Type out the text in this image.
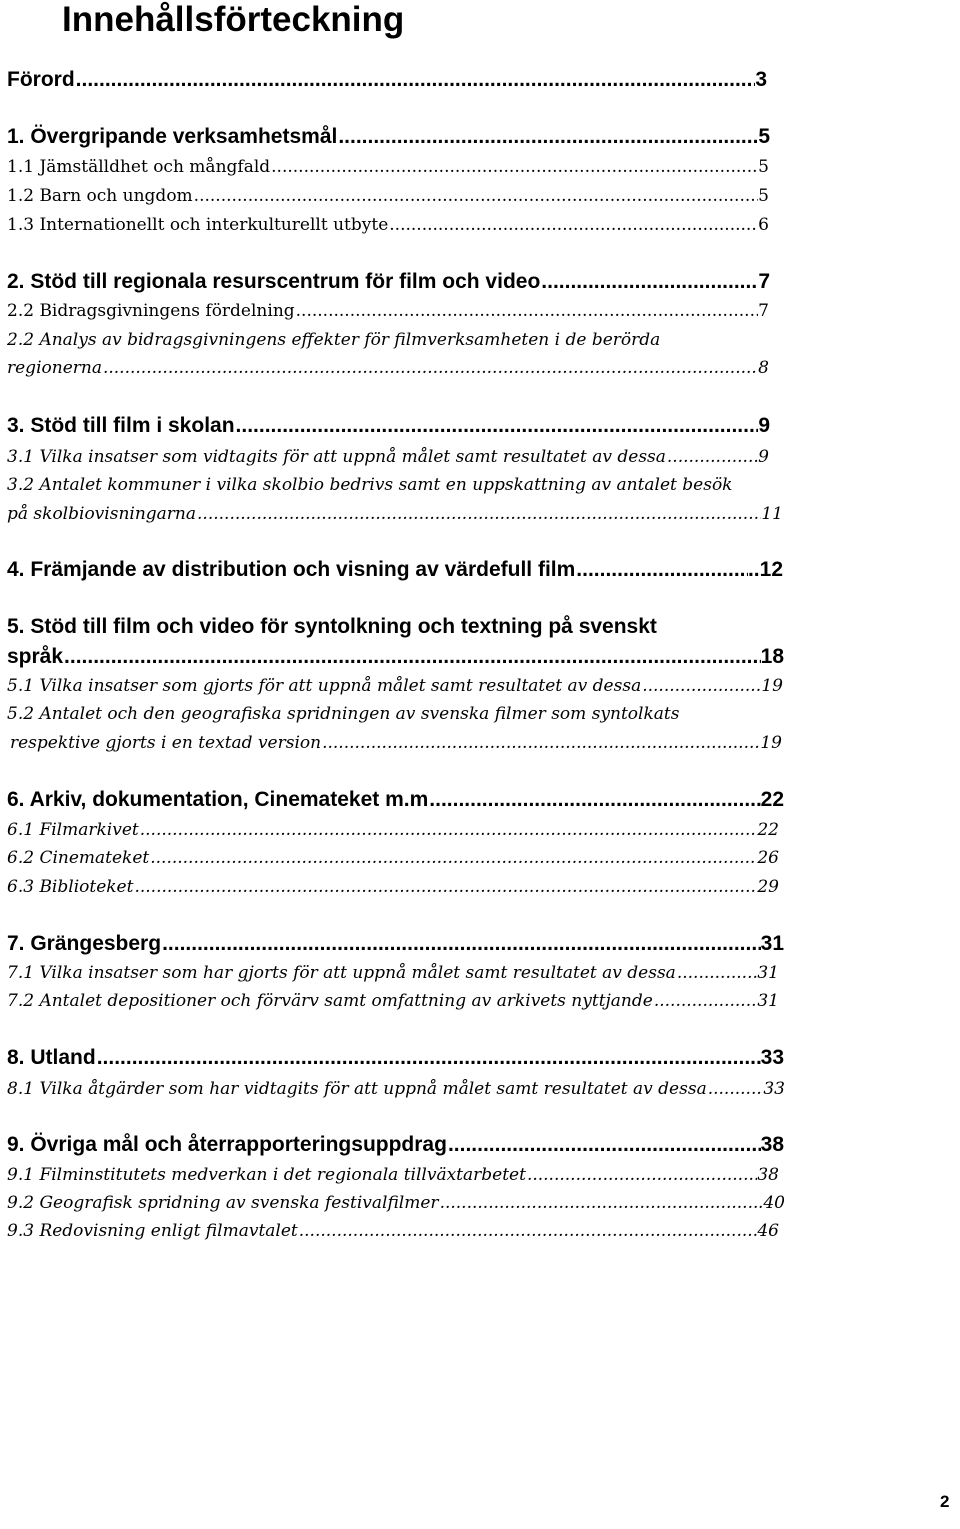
Innehållsförteckning
Förord .....	3
1. Övergripande verksamhetsmål .....	5
1.1 Jämställdhet och mångfald .....	5
1.2 Barn och ungdom .....	5
1.3 Internationellt och interkulturellt utbyte .....	6
2. Stöd till regionala resurscentrum för film och video .....	7
2.2 Bidragsgivningens fördelning .....	7
2.2 Analys av bidragsgivningens effekter för filmverksamheten i de berörda
regionerna .....	8
3. Stöd till film i skolan .....	9
3.1 Vilka insatser som vidtagits för att uppnå målet samt resultatet av dessa .....	9
3.2 Antalet kommuner i vilka skolbio bedrivs samt en uppskattning av antalet besök
på skolbiovisningarna .....	11
4. Främjande av distribution och visning av värdefull film .....	..12
5. Stöd till film och video för syntolkning och textning på svenskt
språk .....	18
5.1 Vilka insatser som gjorts för att uppnå målet samt resultatet av dessa .....	19
5.2 Antalet och den geografiska spridningen av svenska filmer som syntolkats
respektive gjorts i en textad version .....	19
6. Arkiv, dokumentation, Cinemateket m.m .....	22
6.1 Filmarkivet .....	22
6.2 Cinemateket .....	26
6.3 Biblioteket .....	29
7. Grängesberg .....	31
7.1 Vilka insatser som har gjorts för att uppnå målet samt resultatet av dessa .....	31
7.2 Antalet depositioner och förvärv samt omfattning av arkivets nyttjande .....	31
8. Utland .....	33
8.1 Vilka åtgärder som har vidtagits för att uppnå målet samt resultatet av dessa .....	33
9. Övriga mål och återrapporteringsuppdrag .....	38
9.1 Filminstitutets medverkan i det regionala tillväxtarbetet .....	38
9.2 Geografisk spridning av svenska festivalfilmer .....	.40
9.3 Redovisning enligt filmavtalet .....	46
2
